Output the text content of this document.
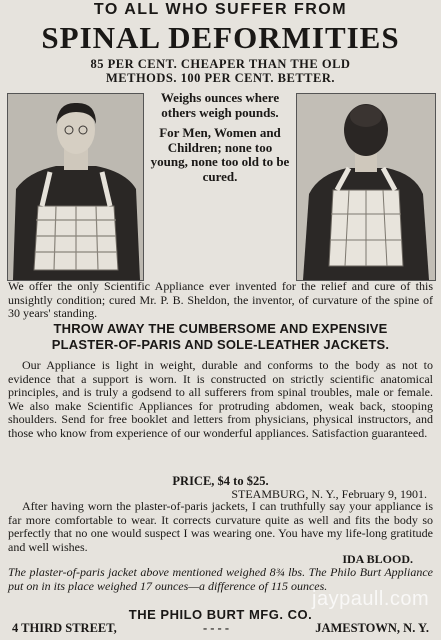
TO ALL WHO SUFFER FROM
SPINAL DEFORMITIES
85 PER CENT. CHEAPER THAN THE OLD
METHODS. 100 PER CENT. BETTER.

Weighs ounces where others weigh pounds.

For Men, Women and Children; none too young, none too old to be cured.

We offer the only Scientific Appliance ever invented for the relief and cure of this unsightly condition; cured Mr. P. B. Sheldon, the inventor, of curvature of the spine of 30 years' standing.

THROW AWAY THE CUMBERSOME AND EXPENSIVE
PLASTER-OF-PARIS AND SOLE-LEATHER JACKETS.

Our Appliance is light in weight, durable and conforms to the body as not to evidence that a support is worn. It is constructed on strictly scientific anatomical principles, and is truly a godsend to all sufferers from spinal troubles, male or female. We also make Scientific Appliances for protruding abdomen, weak back, stooping shoulders. Send for free booklet and letters from physicians, physical instructors, and those who know from experience of our wonderful appliances. Satisfaction guaranteed.

PRICE, $4 to $25.
STEAMBURG, N. Y., February 9, 1901.

After having worn the plaster-of-paris jackets, I can truthfully say your appliance is far more comfortable to wear. It corrects curvature quite as well and fits the body so perfectly that no one would suspect I was wearing one. You have my life-long gratitude and well wishes.

IDA BLOOD.

The plaster-of-paris jacket above mentioned weighed 8¾ lbs. The Philo Burt Appliance put on in its place weighed 17 ounces—a difference of 115 ounces.

THE PHILO BURT MFG. CO.
4 THIRD STREET,	- - - -	JAMESTOWN, N. Y.
jaypaull.com
